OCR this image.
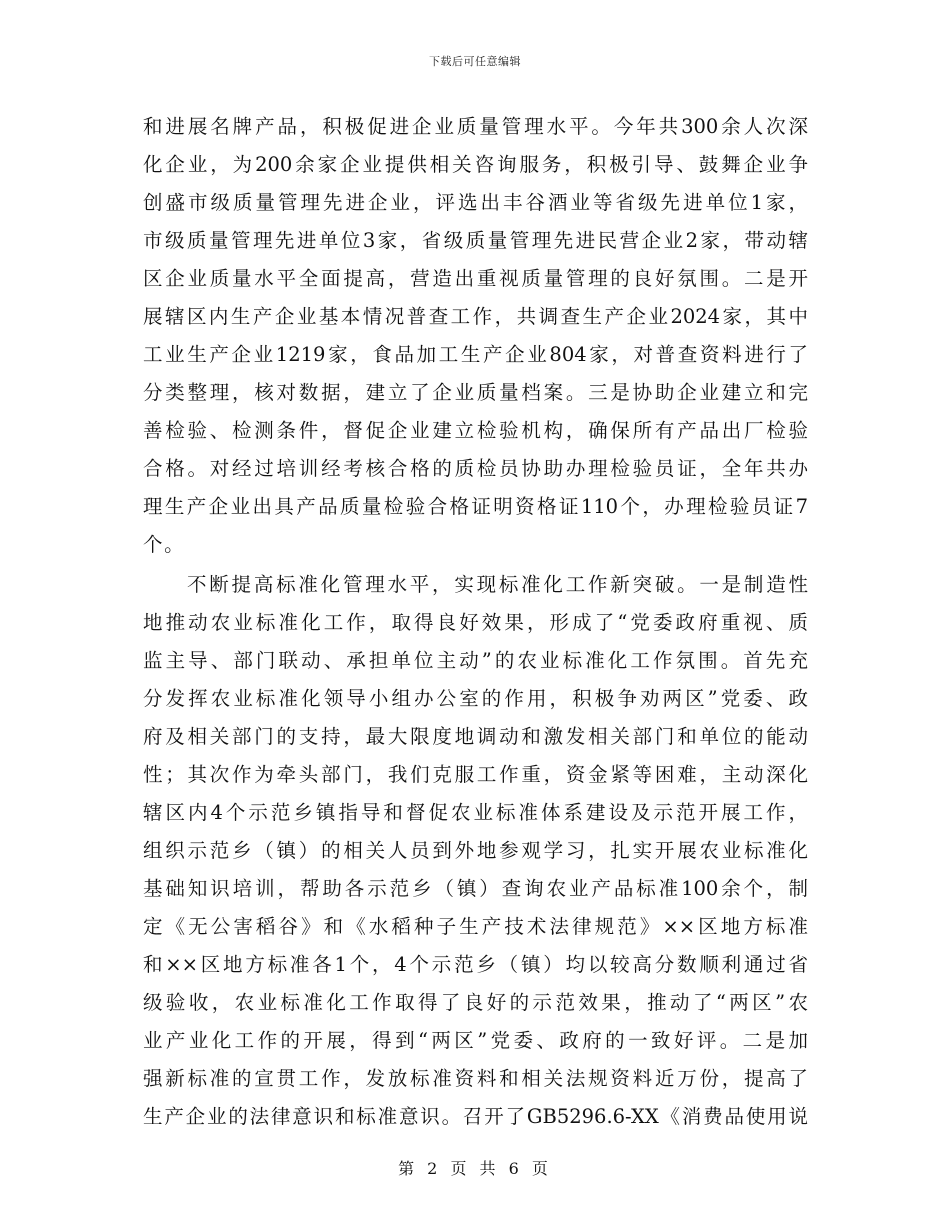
下载后可任意编辑
和进展名牌产品，积极促进企业质量管理水平。今年共300余人次深
化企业，为200余家企业提供相关咨询服务，积极引导、鼓舞企业争
创盛市级质量管理先进企业，评选出丰谷酒业等省级先进单位1家，
市级质量管理先进单位3家，省级质量管理先进民营企业2家，带动辖
区企业质量水平全面提高，营造出重视质量管理的良好氛围。二是开
展辖区内生产企业基本情况普查工作，共调查生产企业2024家，其中
工业生产企业1219家，食品加工生产企业804家，对普查资料进行了
分类整理，核对数据，建立了企业质量档案。三是协助企业建立和完
善检验、检测条件，督促企业建立检验机构，确保所有产品出厂检验
合格。对经过培训经考核合格的质检员协助办理检验员证，全年共办
理生产企业出具产品质量检验合格证明资格证110个，办理检验员证7
个。
不断提高标准化管理水平，实现标准化工作新突破。一是制造性
地推动农业标准化工作，取得良好效果，形成了“党委政府重视、质
监主导、部门联动、承担单位主动”的农业标准化工作氛围。首先充
分发挥农业标准化领导小组办公室的作用，积极争劝两区”党委、政
府及相关部门的支持，最大限度地调动和激发相关部门和单位的能动
性；其次作为牵头部门，我们克服工作重，资金紧等困难，主动深化
辖区内4个示范乡镇指导和督促农业标准体系建设及示范开展工作，
组织示范乡（镇）的相关人员到外地参观学习，扎实开展农业标准化
基础知识培训，帮助各示范乡（镇）查询农业产品标准100余个，制
定《无公害稻谷》和《水稻种子生产技术法律规范》××区地方标准
和××区地方标准各1个，4个示范乡（镇）均以较高分数顺利通过省
级验收，农业标准化工作取得了良好的示范效果，推动了“两区”农
业产业化工作的开展，得到“两区”党委、政府的一致好评。二是加
强新标准的宣贯工作，发放标准资料和相关法规资料近万份，提高了
生产企业的法律意识和标准意识。召开了GB5296.6-XX《消费品使用说
第 2 页 共 6 页
